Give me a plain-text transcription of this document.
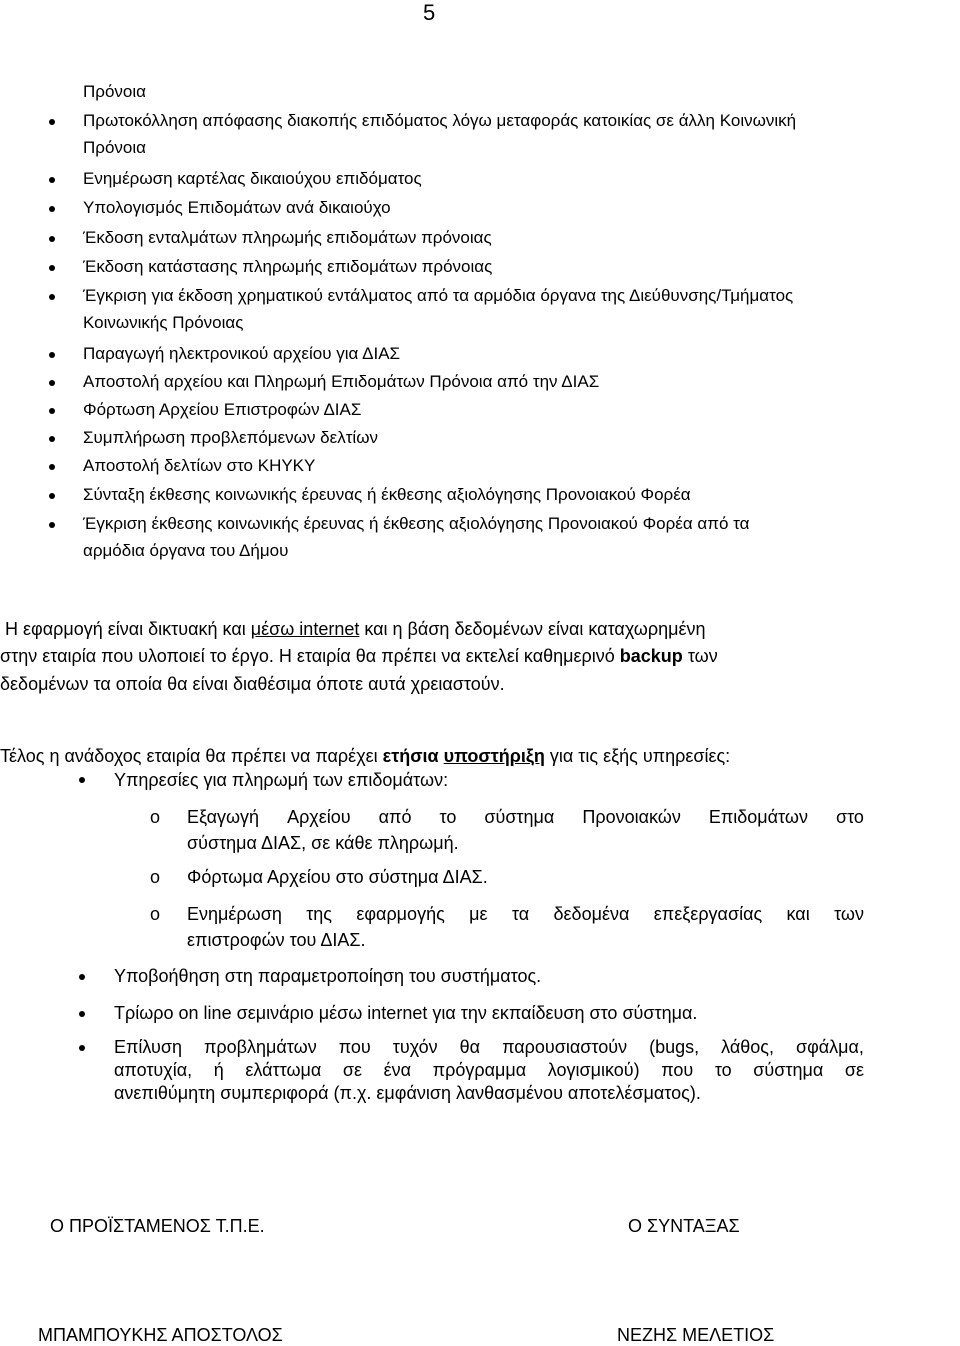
5
Πρόνοια
Πρωτοκόλληση απόφασης διακοπής επιδόματος λόγω μεταφοράς κατοικίας σε άλλη Κοινωνική
Πρόνοια
Ενημέρωση καρτέλας δικαιούχου επιδόματος
Υπολογισμός Επιδομάτων ανά δικαιούχο
Έκδοση ενταλμάτων πληρωμής επιδομάτων πρόνοιας
Έκδοση κατάστασης πληρωμής επιδομάτων πρόνοιας
Έγκριση για έκδοση χρηματικού εντάλματος από τα αρμόδια όργανα της Διεύθυνσης/Τμήματος
Κοινωνικής Πρόνοιας
Παραγωγή ηλεκτρονικού αρχείου για ΔΙΑΣ
Αποστολή αρχείου και Πληρωμή Επιδομάτων Πρόνοια από την ΔΙΑΣ
Φόρτωση Αρχείου Επιστροφών ΔΙΑΣ
Συμπλήρωση προβλεπόμενων δελτίων
Αποστολή δελτίων στο ΚΗΥΚΥ
Σύνταξη έκθεσης κοινωνικής έρευνας ή έκθεσης αξιολόγησης Προνοιακού Φορέα
Έγκριση έκθεσης κοινωνικής έρευνας ή έκθεσης αξιολόγησης Προνοιακού Φορέα από τα
αρμόδια όργανα του Δήμου
Η εφαρμογή είναι δικτυακή και μέσω internet και η βάση δεδομένων είναι καταχωρημένη
στην εταιρία που υλοποιεί το έργο. Η εταιρία θα πρέπει να εκτελεί καθημερινό backup των
δεδομένων τα οποία θα είναι διαθέσιμα όποτε αυτά χρειαστούν.
Τέλος η ανάδοχος εταιρία θα πρέπει να παρέχει ετήσια υποστήριξη για τις εξής υπηρεσίες:
Υπηρεσίες για πληρωμή των επιδομάτων:
o Εξαγωγή Αρχείου από το σύστημα Προνοιακών Επιδομάτων στο
σύστημα ΔΙΑΣ, σε κάθε πληρωμή.
o Φόρτωμα Αρχείου στο σύστημα ΔΙΑΣ.
o Ενημέρωση της εφαρμογής με τα δεδομένα επεξεργασίας και των
επιστροφών του ΔΙΑΣ.
Υποβοήθηση στη παραμετροποίηση του συστήματος.
Τρίωρο on line σεμινάριο μέσω internet για την εκπαίδευση στο σύστημα.
Επίλυση προβλημάτων που τυχόν θα παρουσιαστούν (bugs, λάθος, σφάλμα,
αποτυχία, ή ελάττωμα σε ένα πρόγραμμα λογισμικού) που το σύστημα σε
ανεπιθύμητη συμπεριφορά (π.χ. εμφάνιση λανθασμένου αποτελέσματος).
Ο ΠΡΟΪΣΤΑΜΕΝΟΣ Τ.Π.Ε.	Ο ΣΥΝΤΑΞΑΣ
ΜΠΑΜΠΟΥΚΗΣ ΑΠΟΣΤΟΛΟΣ	ΝΕΖΗΣ ΜΕΛΕΤΙΟΣ
